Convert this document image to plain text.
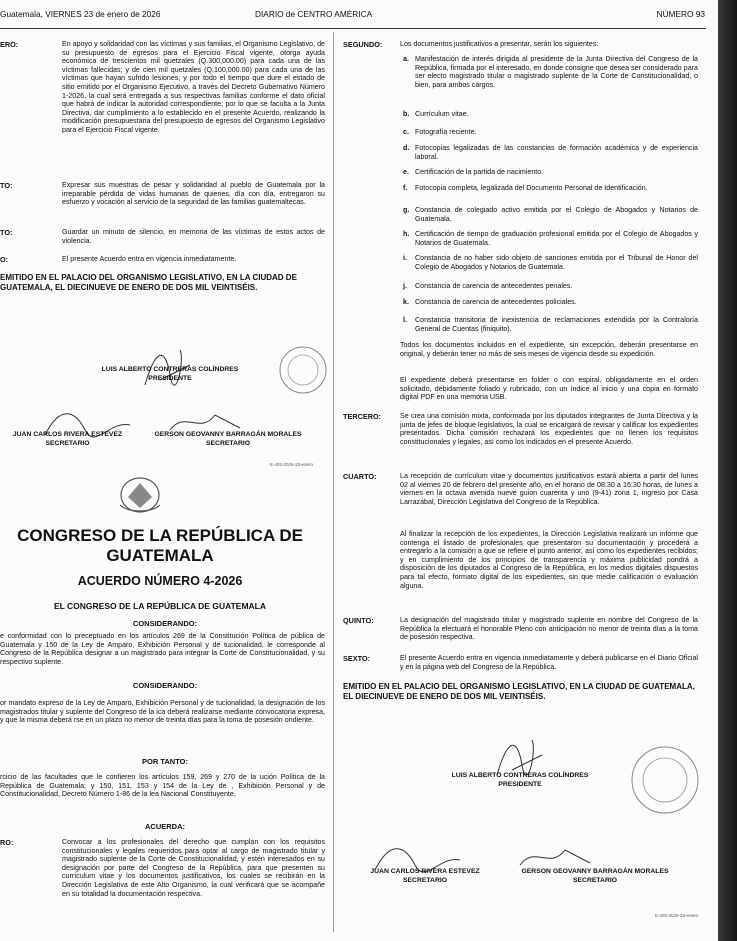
Guatemala, VIERNES 23 de enero de 2026	DIARIO de CENTRO AMÉRICA	NÚMERO 93
ERO:	En apoyo y solidaridad con las víctimas y sus familias, el Organismo Legislativo, de su presupuesto de egresos para el Ejercicio Fiscal vigente, otorga ayuda económica de trescientos mil quetzales (Q.300,000.00) para cada una de las víctimas fallecidas; y de cien mil quetzales (Q.100,000.00) para cada una de las víctimas que hayan sufrido lesiones, y por todo el tiempo que dure el estado de sitio emitido por el Organismo Ejecutivo, a través del Decreto Gubernativo Número 1-2026, la cual será entregada a sus respectivas familias conforme el dato oficial que habrá de indicar la autoridad correspondiente; por lo que se faculta a la Junta Directiva, dar cumplimiento a lo establecido en el presente Acuerdo, realizando la modificación presupuestaria del presupuesto de egresos del Organismo Legislativo para el Ejercicio Fiscal vigente.
TO:	Expresar sus muestras de pesar y solidaridad al pueblo de Guatemala por la irreparable pérdida de vidas humanas de quienes, día con día, entregaron su esfuerzo y vocación al servicio de la seguridad de las familias guatemaltecas.
TO:	Guardar un minuto de silencio, en memoria de las víctimas de estos actos de violencia.
O:	El presente Acuerdo entra en vigencia inmediatamente.
EMITIDO EN EL PALACIO DEL ORGANISMO LEGISLATIVO, EN LA CIUDAD DE GUATEMALA, EL DIECINUEVE DE ENERO DE DOS MIL VEINTISÉIS.
LUIS ALBERTO CONTRERAS COLÍNDRES
PRESIDENTE
JUAN CARLOS RIVERA ESTEVEZ
SECRETARIO
GERSON GEOVANNY BARRAGÁN MORALES
SECRETARIO
E-403-2026-23-enero
CONGRESO DE LA REPÚBLICA DE GUATEMALA
ACUERDO NÚMERO 4-2026
EL CONGRESO DE LA REPÚBLICA DE GUATEMALA
CONSIDERANDO:
e conformidad con lo preceptuado en los artículos 269 de la Constitución Política de pública de Guatemala y 150 de la Ley de Amparo, Exhibición Personal y de tucionalidad, le corresponde al Congreso de la República designar a un magistrado para integrar la Corte de Constitucionalidad, y su respectivo suplente.
CONSIDERANDO:
or mandato expreso de la Ley de Amparo, Exhibición Personal y de tucionalidad, la designación de los magistrados titular y suplente del Congreso de la ica deberá realizarse mediante convocatoria expresa, y que la misma deberá rse en un plazo no menor de treinta días para la toma de posesión ondiente.
POR TANTO:
rcicio de las facultades que le confieren los artículos 159, 269 y 270 de la ución Política de la República de Guatemala; y 150, 151, 153 y 154 de la Ley de , Exhibición Personal y de Constitucionalidad, Decreto Número 1-86 de la lea Nacional Constituyente,
ACUERDA:
RO:	Convocar a los profesionales del derecho que cumplan con los requisitos constitucionales y legales requeridos para optar al cargo de magistrado titular y magistrado suplente de la Corte de Constitucionalidad, y estén interesados en su designación por parte del Congreso de la República, para que presenten su currículum vitae y los documentos justificativos, los cuales se recibirán en la Dirección Legislativa de este Alto Organismo, la cual verificará que se acompañe en su totalidad la documentación respectiva.
SEGUNDO: Los documentos justificativos a presentar, serán los siguientes:
a. Manifestación de interés dirigida al presidente de la Junta Directiva del Congreso de la República, firmada por el interesado, en donde consigne que desea ser considerado para ser electo magistrado titular o magistrado suplente de la Corte de Constitucionalidad, o bien, para ambos cargos.
b. Currículum vitae.
c. Fotografía reciente.
d. Fotocopias legalizadas de las constancias de formación académica y de experiencia laboral.
e. Certificación de la partida de nacimiento.
f. Fotocopia completa, legalizada del Documento Personal de Identificación.
g. Constancia de colegiado activo emitida por el Colegio de Abogados y Notarios de Guatemala.
h. Certificación de tiempo de graduación profesional emitida por el Colegio de Abogados y Notarios de Guatemala.
i. Constancia de no haber sido objeto de sanciones emitida por el Tribunal de Honor del Colegio de Abogados y Notarios de Guatemala.
j. Constancia de carencia de antecedentes penales.
k. Constancia de carencia de antecedentes policiales.
l. Constancia transitoria de inexistencia de reclamaciones extendida por la Contraloría General de Cuentas (finiquito).
Todos los documentos incluidos en el expediente, sin excepción, deberán presentarse en original, y deberán tener no más de seis meses de vigencia desde su expedición.
El expediente deberá presentarse en folder o con espiral, obligadamente en el orden solicitado, debidamente foliado y rubricado, con un índice al inicio y una copia en formato digital PDF en una memoria USB.
TERCERO:	Se crea una comisión mixta, conformada por los diputados integrantes de Junta Directiva y la junta de jefes de bloque legislativos, la cual se encargará de revisar y calificar los expedientes presentados. Dicha comisión rechazará los expedientes que no llenen los requisitos constitucionales y legales, así como los indicados en el presente Acuerdo.
CUARTO:	La recepción de currículum vitae y documentos justificativos estará abierta a partir del lunes 02 al viernes 20 de febrero del presente año, en el horario de 08:30 a 16:30 horas, de lunes a viernes en la octava avenida nueve guion cuarenta y uno (9-41) zona 1, ingreso por Casa Larrazábal, Dirección Legislativa del Congreso de la República.
Al finalizar la recepción de los expedientes, la Dirección Legislativa realizará un informe que contenga el listado de profesionales que presentaron su documentación y procederá a entregarlo a la comisión a que se refiere el punto anterior, así como los expedientes recibidos; y en cumplimiento de los principios de transparencia y máxima publicidad pondrá a disposición de los diputados al Congreso de la República, en los medios digitales dispuestos para tal efecto, formato digital de los expedientes, sin que medie calificación o evaluación alguna.
QUINTO:	La designación del magistrado titular y magistrado suplente en nombre del Congreso de la República la efectuará el honorable Pleno con anticipación no menor de treinta días a la toma de posesión respectiva.
SEXTO:	El presente Acuerdo entra en vigencia inmediatamente y deberá publicarse en el Diario Oficial y en la página web del Congreso de la República.
EMITIDO EN EL PALACIO DEL ORGANISMO LEGISLATIVO, EN LA CIUDAD DE GUATEMALA, EL DIECINUEVE DE ENERO DE DOS MIL VEINTISÉIS.
LUIS ALBERTO CONTRERAS COLÍNDRES
PRESIDENTE
JUAN CARLOS RIVERA ESTEVEZ
SECRETARIO
GERSON GEOVANNY BARRAGÁN MORALES
SECRETARIO
E-403-2026-23-enero
